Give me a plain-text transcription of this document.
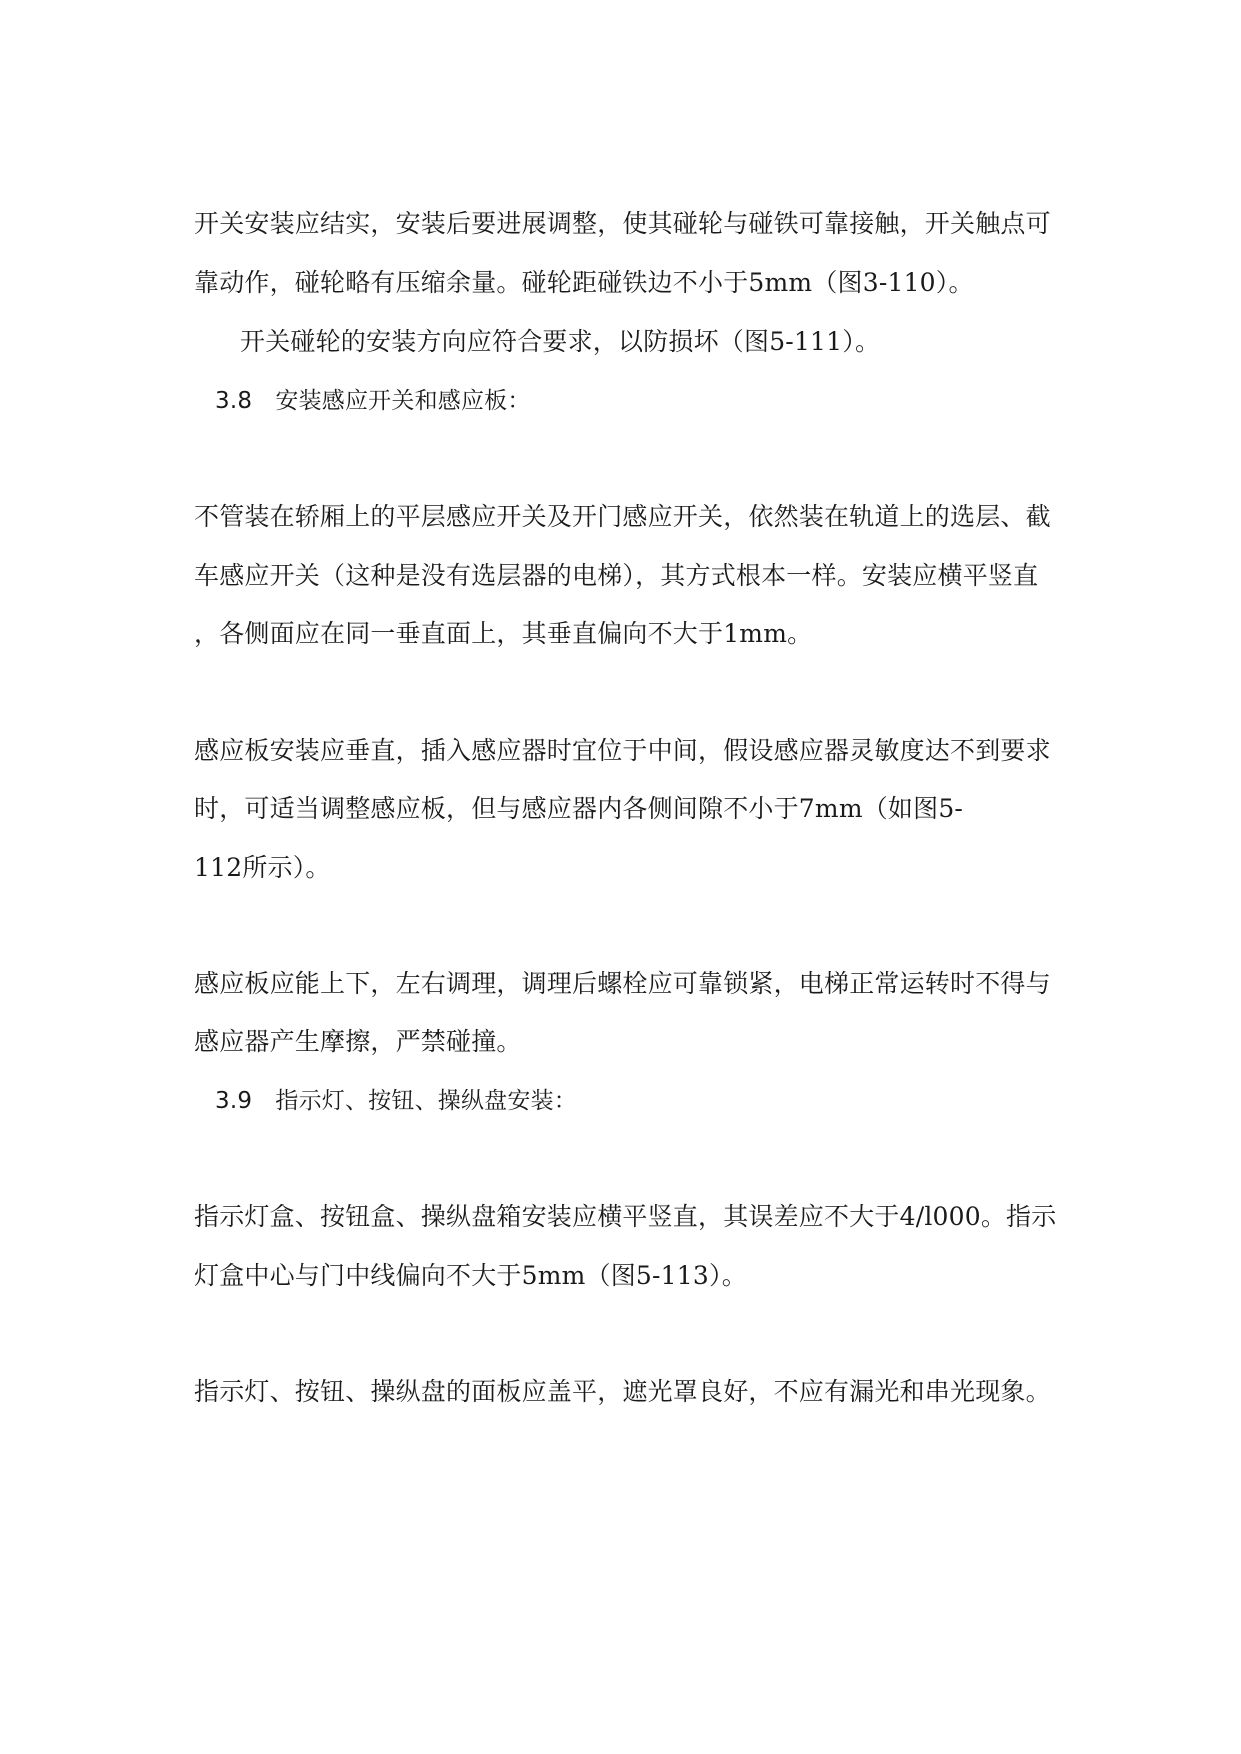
开关安装应结实，安装后要进展调整，使其碰轮与碰铁可靠接触，开关触点可
靠动作，碰轮略有压缩余量。碰轮距碰铁边不小于5mm（图3-110）。
开关碰轮的安装方向应符合要求，以防损坏（图5-111）。
3.8　安装感应开关和感应板：
不管装在轿厢上的平层感应开关及开门感应开关，依然装在轨道上的选层、截
车感应开关（这种是没有选层器的电梯），其方式根本一样。安装应横平竖直
，各侧面应在同一垂直面上，其垂直偏向不大于1mm。
感应板安装应垂直，插入感应器时宜位于中间，假设感应器灵敏度达不到要求
时，可适当调整感应板，但与感应器内各侧间隙不小于7mm（如图5-
112所示）。
感应板应能上下，左右调理，调理后螺栓应可靠锁紧，电梯正常运转时不得与
感应器产生摩擦，严禁碰撞。
3.9　指示灯、按钮、操纵盘安装：
指示灯盒、按钮盒、操纵盘箱安装应横平竖直，其误差应不大于4/l000。指示
灯盒中心与门中线偏向不大于5mm（图5-113）。
指示灯、按钮、操纵盘的面板应盖平，遮光罩良好，不应有漏光和串光现象。
